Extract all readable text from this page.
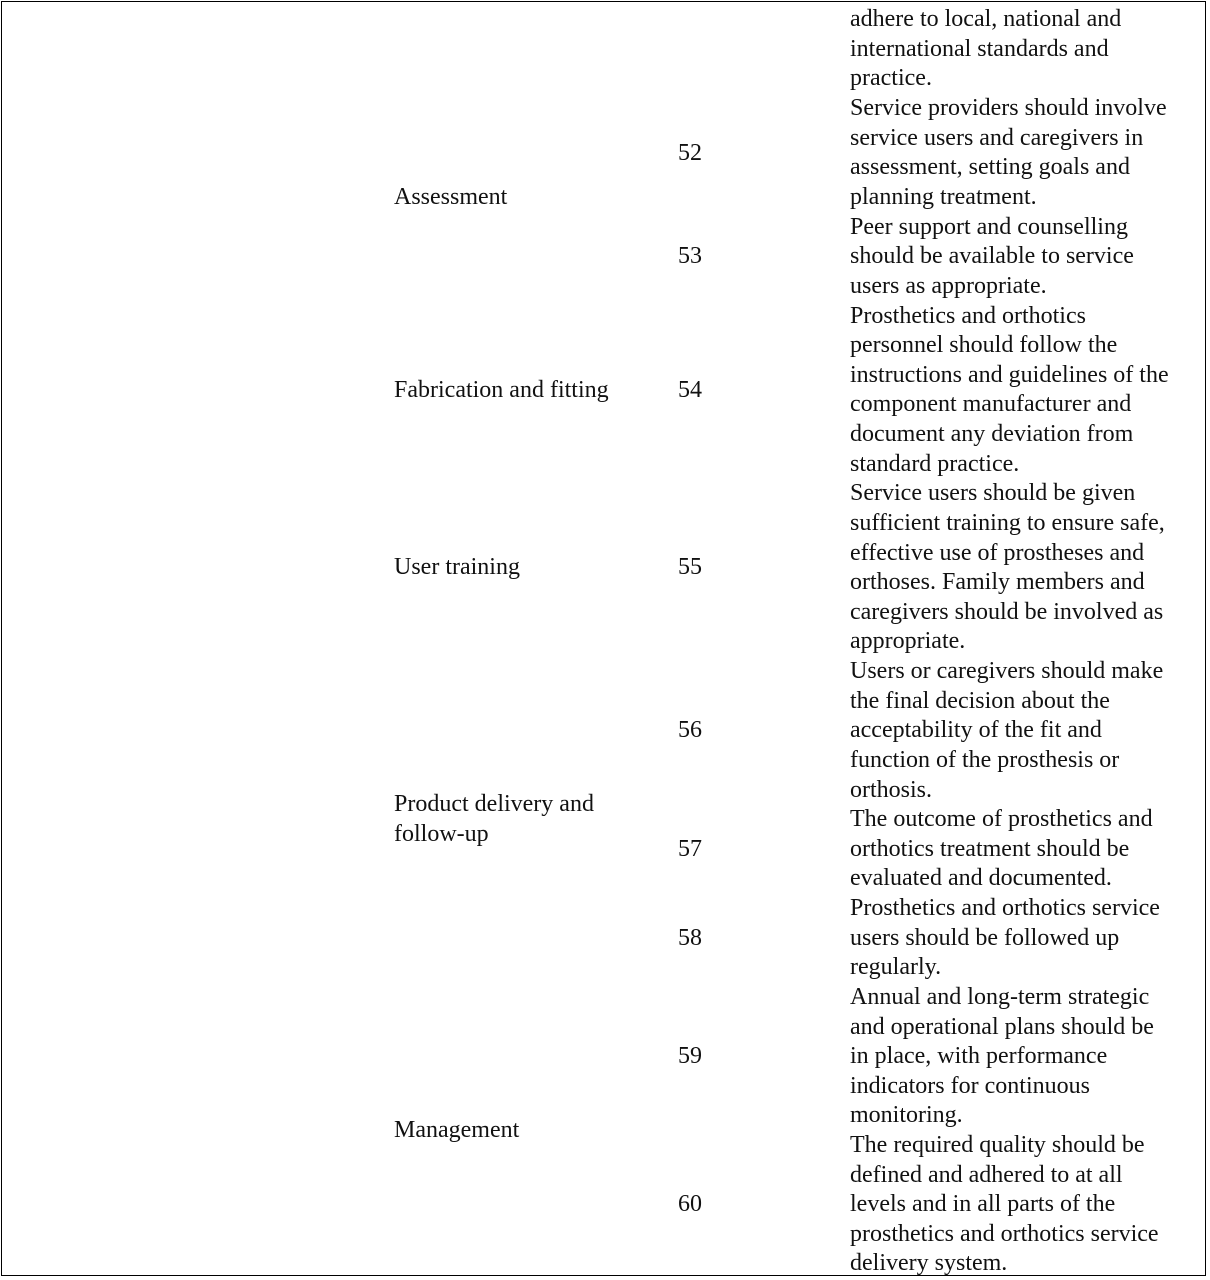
adhere to local, national and
international standards and
practice.
Assessment
Fabrication and fitting
User training
Product delivery and
follow-up
Management
52
53
54
55
56
57
58
59
60
Service providers should involve
service users and caregivers in
assessment, setting goals and
planning treatment.
Peer support and counselling
should be available to service
users as appropriate.
Prosthetics and orthotics
personnel should follow the
instructions and guidelines of the
component manufacturer and
document any deviation from
standard practice.
Service users should be given
sufficient training to ensure safe,
effective use of prostheses and
orthoses. Family members and
caregivers should be involved as
appropriate.
Users or caregivers should make
the final decision about the
acceptability of the fit and
function of the prosthesis or
orthosis.
The outcome of prosthetics and
orthotics treatment should be
evaluated and documented.
Prosthetics and orthotics service
users should be followed up
regularly.
Annual and long-term strategic
and operational plans should be
in place, with performance
indicators for continuous
monitoring.
The required quality should be
defined and adhered to at all
levels and in all parts of the
prosthetics and orthotics service
delivery system.
